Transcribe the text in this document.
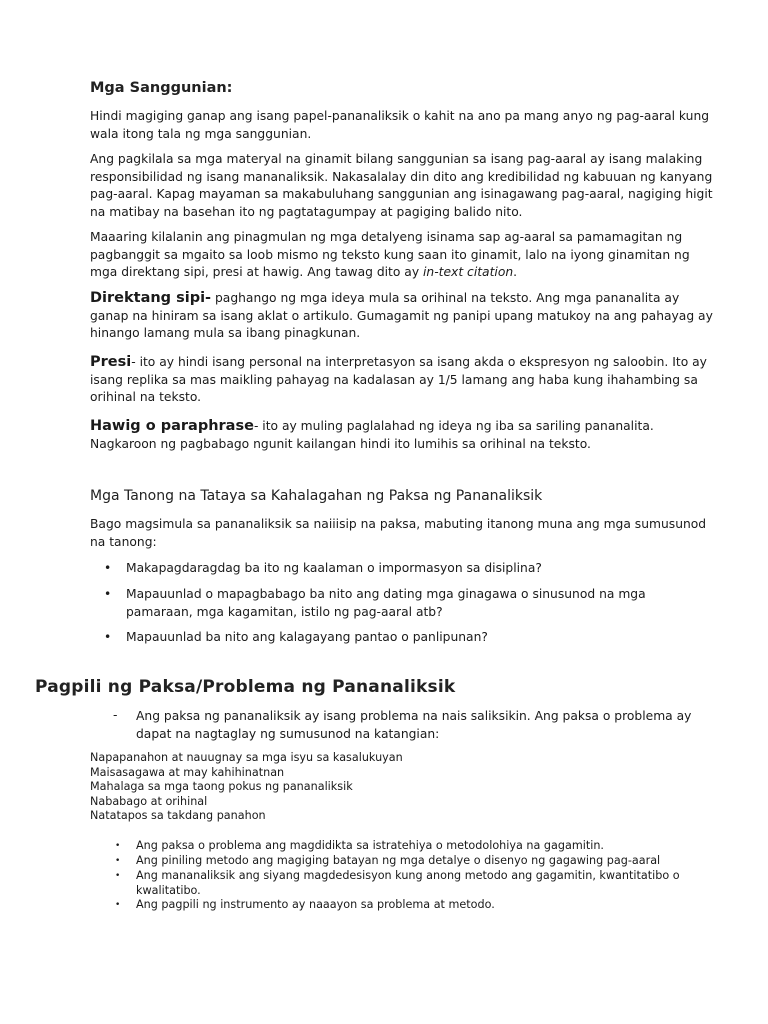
Mga Sanggunian:
Hindi magiging ganap ang isang papel-pananaliksik o kahit na ano pa mang anyo ng pag-aaral kung wala itong tala ng mga sanggunian.
Ang pagkilala sa mga materyal na ginamit bilang sanggunian sa isang pag-aaral ay isang malaking responsibilidad ng isang mananaliksik. Nakasalalay din dito ang kredibilidad ng kabuuan ng kanyang pag-aaral. Kapag mayaman sa makabuluhang sanggunian ang isinagawang pag-aaral, nagiging higit na matibay na basehan ito ng pagtatagumpay at pagiging balido nito.
Maaaring kilalanin ang pinagmulan ng mga detalyeng isinama sap ag-aaral sa pamamagitan ng pagbanggit sa mgaito sa loob mismo ng teksto kung saan ito ginamit, lalo na iyong ginamitan ng mga direktang sipi, presi at hawig. Ang tawag dito ay in-text citation.
Direktang sipi- paghango ng mga ideya mula sa orihinal na teksto. Ang mga pananalita ay ganap na hiniram sa isang aklat o artikulo. Gumagamit ng panipi upang matukoy na ang pahayag ay hinango lamang mula sa ibang pinagkunan.
Presi- ito ay hindi isang personal na interpretasyon sa isang akda o ekspresyon ng saloobin. Ito ay isang replika sa mas maikling pahayag na kadalasan ay 1/5 lamang ang haba kung ihahambing sa orihinal na teksto.
Hawig o paraphrase- ito ay muling paglalahad ng ideya ng iba sa sariling pananalita. Nagkaroon ng pagbabago ngunit kailangan hindi ito lumihis sa orihinal na teksto.
Mga Tanong na Tataya sa Kahalagahan ng Paksa ng Pananaliksik
Bago magsimula sa pananaliksik sa naiiisip na paksa, mabuting itanong muna ang mga sumusunod na tanong:
• Makapagdaragdag ba ito ng kaalaman o impormasyon sa disiplina?
• Mapauunlad o mapagbabago ba nito ang dating mga ginagawa o sinusunod na mga pamaraan, mga kagamitan, istilo ng pag-aaral atb?
• Mapauunlad ba nito ang kalagayang pantao o panlipunan?
Pagpili ng Paksa/Problema ng Pananaliksik
- Ang paksa ng pananaliksik ay isang problema na nais saliksikin. Ang paksa o problema ay dapat na nagtaglay ng sumusunod na katangian:
Napapanahon at nauugnay sa mga isyu sa kasalukuyan
Maisasagawa at may kahihinatnan
Mahalaga sa mga taong pokus ng pananaliksik
Nababago at orihinal
Natatapos sa takdang panahon
• Ang paksa o problema ang magdidikta sa istratehiya o metodolohiya na gagamitin.
• Ang piniling metodo ang magiging batayan ng mga detalye o disenyo ng gagawing pag-aaral
• Ang mananaliksik ang siyang magdedesisyon kung anong metodo ang gagamitin, kwantitatibo o kwalitatibo.
• Ang pagpili ng instrumento ay naaayon sa problema at metodo.
